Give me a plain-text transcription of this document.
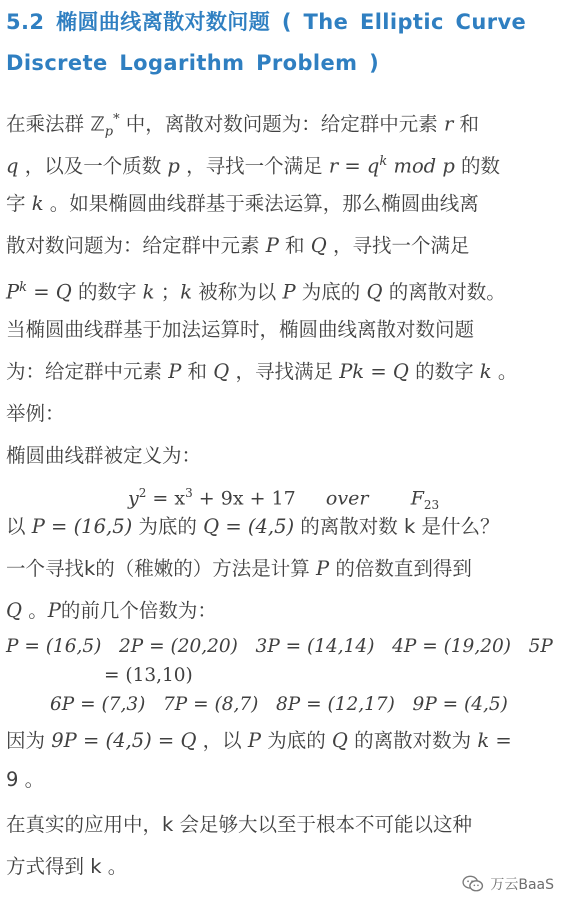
5.2 椭圆曲线离散对数问题 ( The Elliptic Curve
Discrete Logarithm Problem )
在乘法群 ℤ$_p$* 中，离散对数问题为：给定群中元素 r 和
q ，以及一个质数 p ，寻找一个满足 $r = q^k$ mod p 的数
字 k 。如果椭圆曲线群基于乘法运算，那么椭圆曲线离
散对数问题为：给定群中元素 P 和 Q ，寻找一个满足
$P^k = Q$ 的数字 k ；k 被称为以 P 为底的 Q 的离散对数。
当椭圆曲线群基于加法运算时，椭圆曲线离散对数问题
为：给定群中元素 P 和 Q ，寻找满足 Pk = Q 的数字 k 。
举例：
椭圆曲线群被定义为：
$y^2 = x^3 + 9x + 17$ over $F_{23}$
以 P = (16,5) 为底的 Q = (4,5) 的离散对数 k 是什么？
一个寻找k的（稚嫩的）方法是计算 P 的倍数直到得到
Q 。P的前几个倍数为：
P = (16,5) 2P = (20,20) 3P = (14,14) 4P = (19,20) 5P
= (13,10)
6P = (7,3) 7P = (8,7) 8P = (12,17) 9P = (4,5)
因为 9P = (4,5) = Q ，以 P 为底的 Q 的离散对数为 k =
9 。
在真实的应用中，k 会足够大以至于根本不可能以这种
方式得到 k 。
万云BaaS
